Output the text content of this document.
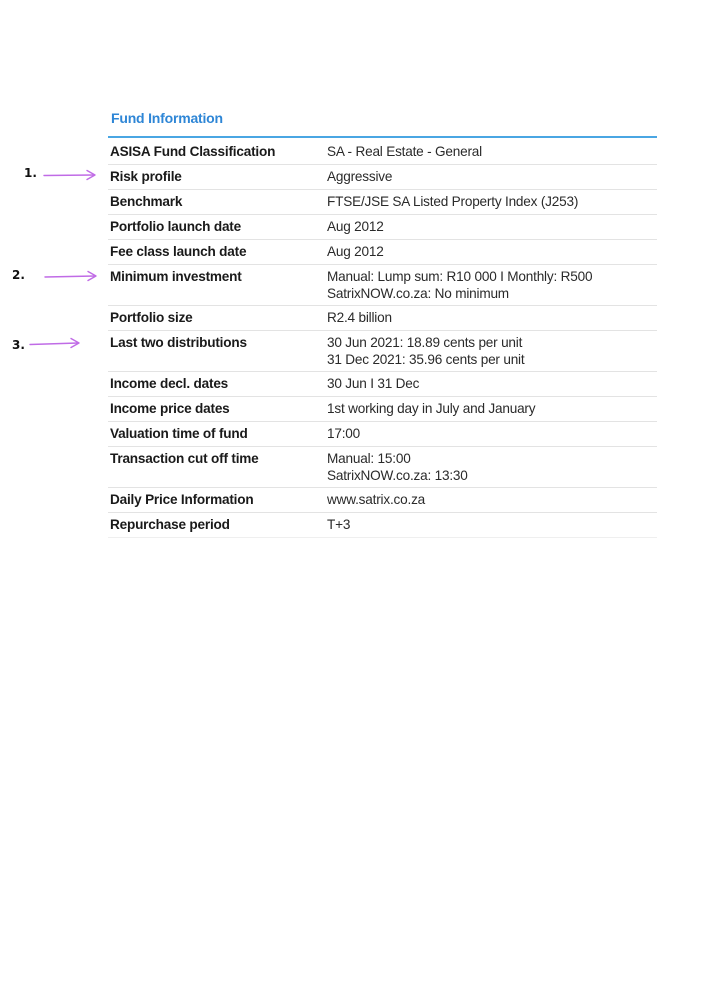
Fund Information
ASISA Fund Classification	SA - Real Estate - General
Risk profile	Aggressive
Benchmark	FTSE/JSE SA Listed Property Index (J253)
Portfolio launch date	Aug 2012
Fee class launch date	Aug 2012
Minimum investment	Manual: Lump sum: R10 000 I Monthly: R500
SatrixNOW.co.za: No minimum
Portfolio size	R2.4 billion
Last two distributions	30 Jun 2021: 18.89 cents per unit
31 Dec 2021: 35.96 cents per unit
Income decl. dates	30 Jun I 31 Dec
Income price dates	1st working day in July and January
Valuation time of fund	17:00
Transaction cut off time	Manual: 15:00
SatrixNOW.co.za: 13:30
Daily Price Information	www.satrix.co.za
Repurchase period	T+3
1.
2.
3.
